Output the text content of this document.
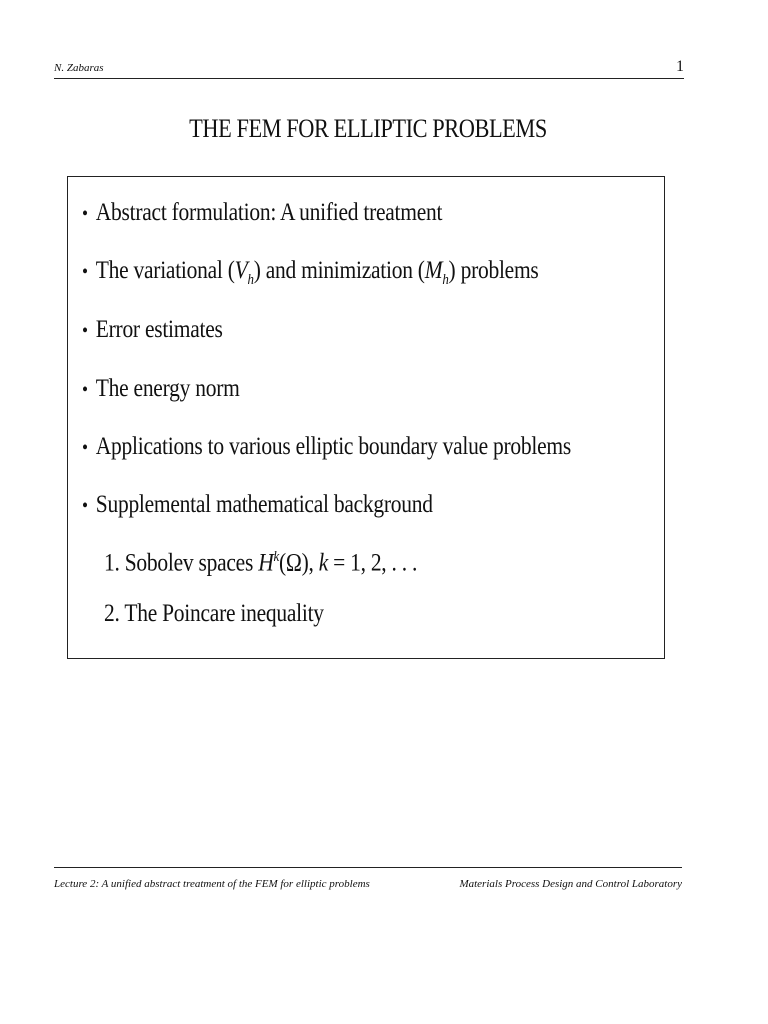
N. Zabaras	1
THE FEM FOR ELLIPTIC PROBLEMS
• Abstract formulation: A unified treatment
• The variational $(V_h)$ and minimization $(M_h)$ problems
• Error estimates
• The energy norm
• Applications to various elliptic boundary value problems
• Supplemental mathematical background
1. Sobolev spaces $H^k(\Omega)$, k = 1, 2, . . .
2. The Poincare inequality
Lecture 2: A unified abstract treatment of the FEM for elliptic problems	Materials Process Design and Control Laboratory
